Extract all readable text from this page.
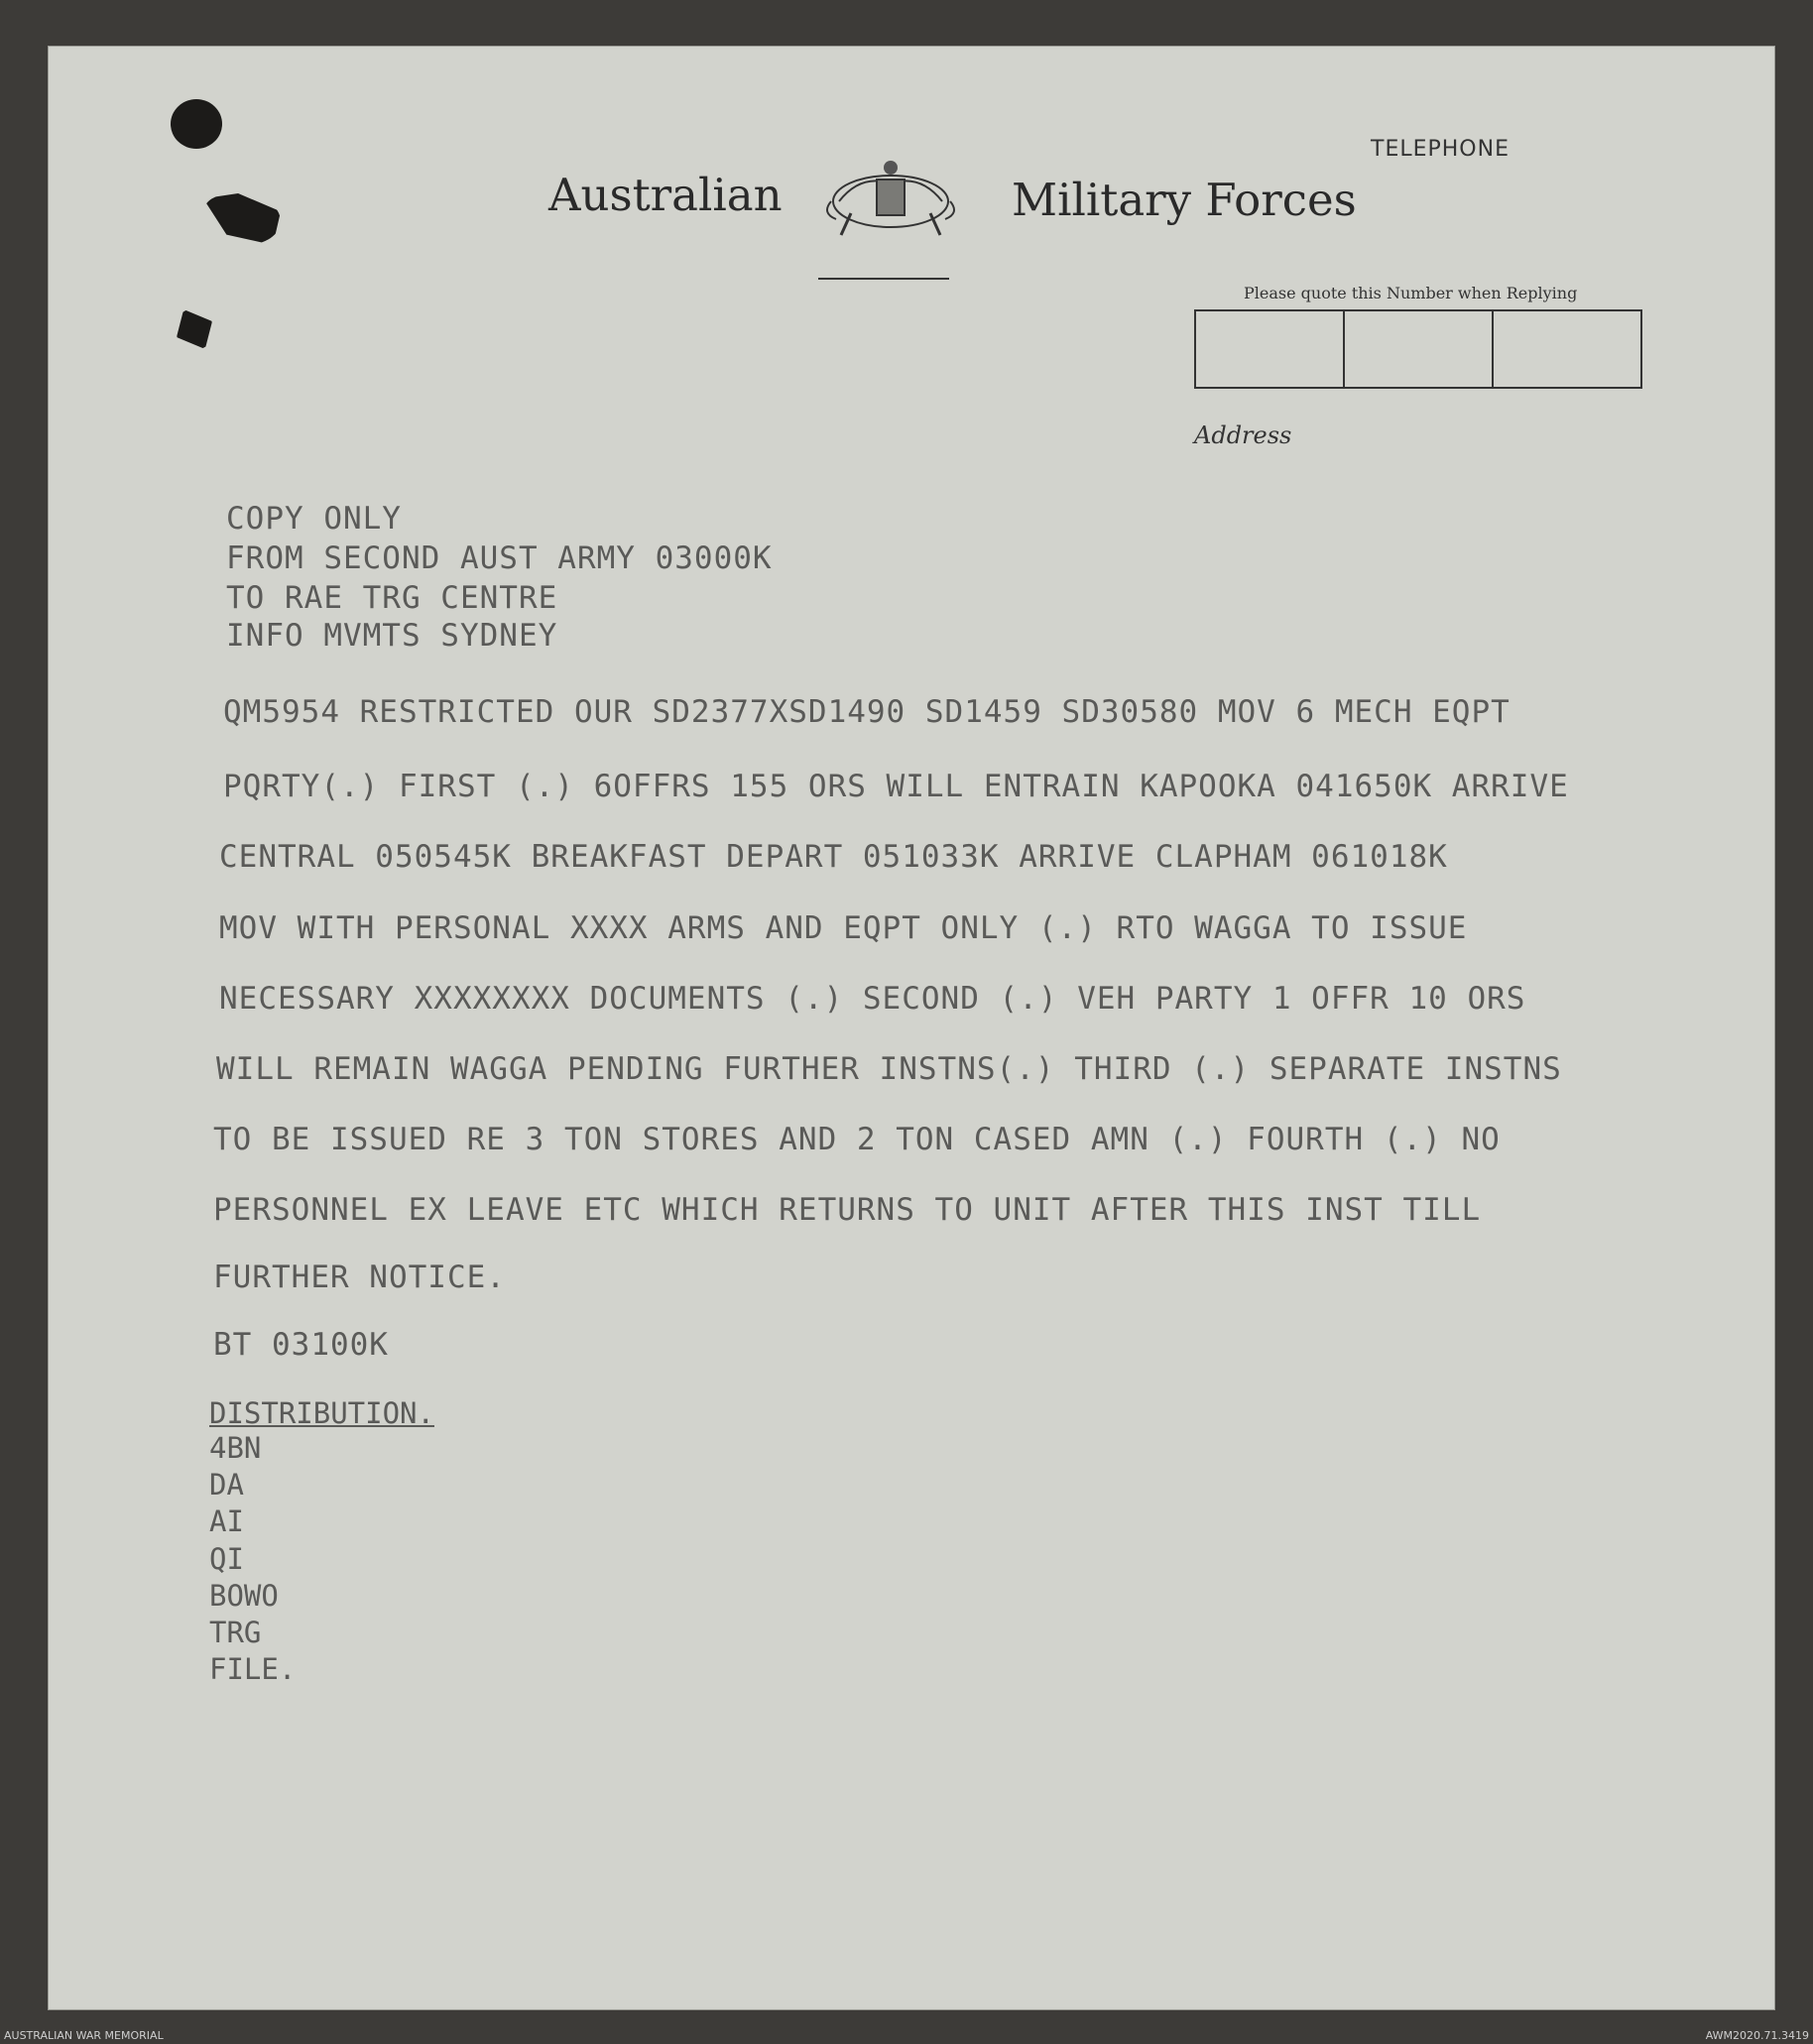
Australian	Military Forces
TELEPHONE
Please quote this Number when Replying
Address
COPY ONLY
FROM SECOND AUST ARMY 03000K
TO RAE TRG CENTRE
INFO MVMTS SYDNEY
QM5954 RESTRICTED OUR SD2377XSD1490 SD1459 SD30580 MOV 6 MECH EQPT
PQRTY(.) FIRST (.) 6OFFRS 155 ORS WILL ENTRAIN KAPOOKA 041650K ARRIVE
CENTRAL 050545K BREAKFAST DEPART 051033K ARRIVE CLAPHAM 061018K
MOV WITH PERSONAL XXXX ARMS AND EQPT ONLY (.) RTO WAGGA TO ISSUE
NECESSARY XXXXXXXX DOCUMENTS (.) SECOND (.) VEH PARTY 1 OFFR 10 ORS
WILL REMAIN WAGGA PENDING FURTHER INSTNS(.) THIRD (.) SEPARATE INSTNS
TO BE ISSUED RE 3 TON STORES AND 2 TON CASED AMN (.) FOURTH (.) NO
PERSONNEL EX LEAVE ETC WHICH RETURNS TO UNIT AFTER THIS INST TILL
FURTHER NOTICE.
BT 03100K
DISTRIBUTION.
4BN
DA
AI
QI
BOWO
TRG
FILE.
AUSTRALIAN WAR MEMORIAL	AWM2020.71.3419
